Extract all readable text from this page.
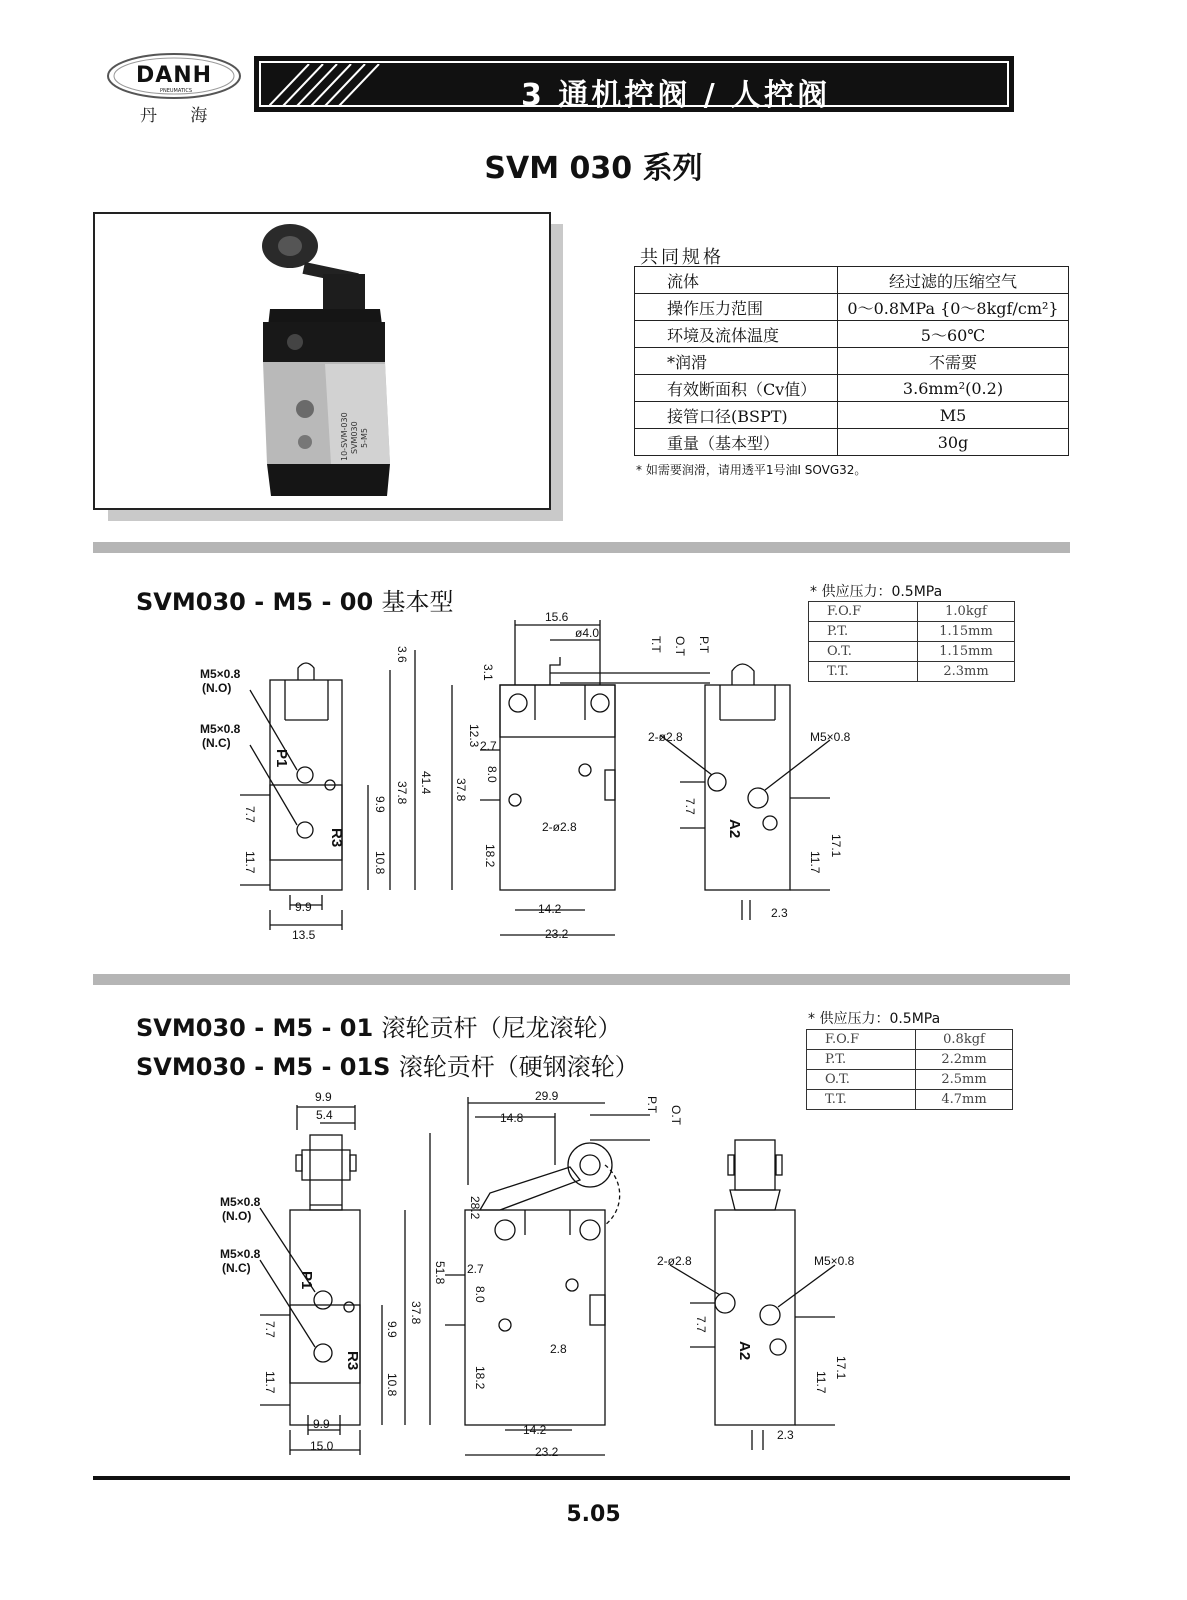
DANH
PNEUMATICS
丹 海
3 通机控阀 / 人控阀
SVM 030 系列
10-SVM-030 SVM030 5-M5
共同规格
流体	经过滤的压缩空气
操作压力范围	0～0.8MPa {0～8kgf/cm²}
环境及流体温度	5～60℃
*润滑	不需要
有效断面积（Cv值）	3.6mm²(0.2)
接管口径(BSPT)	M5
重量（基本型）	30g
* 如需要润滑，请用透平1号油I SOVG32。
SVM030 - M5 - 00 基本型	* 供应压力：0.5MPa
F.O.F	1.0kgf
P.T.	1.15mm
O.T.	1.15mm
T.T.	2.3mm
M5×0.8
(N.O)
M5×0.8
(N.C)
P1
R3
3.6
41.4
37.8
9.9
10.8
7.7
11.7
9.9
13.5
15.6
ø4.0
T.T O.T P.T
3.1
12.3 2.7
8.0
37.8
18.2
2-ø2.8
14.2
23.2
2-ø2.8	M5×0.8
7.7
A2
17.1
11.7
2.3
SVM030 - M5 - 01 滚轮贡杆（尼龙滚轮）
SVM030 - M5 - 01S 滚轮贡杆（硬钢滚轮）
* 供应压力：0.5MPa
F.O.F	0.8kgf
P.T.	2.2mm
O.T.	2.5mm
T.T.	4.7mm
9.9
5.4
M5×0.8
(N.O)
M5×0.8
(N.C)
P1
R3
51.8
37.8
9.9
10.8
7.7
11.7
9.9
15.0
29.9
14.8
P.T
O.T
28.2
2.7
8.0
18.2
2.8
14.2
23.2
2-ø2.8	M5×0.8
7.7
A2
17.1
11.7
2.3
5.05
